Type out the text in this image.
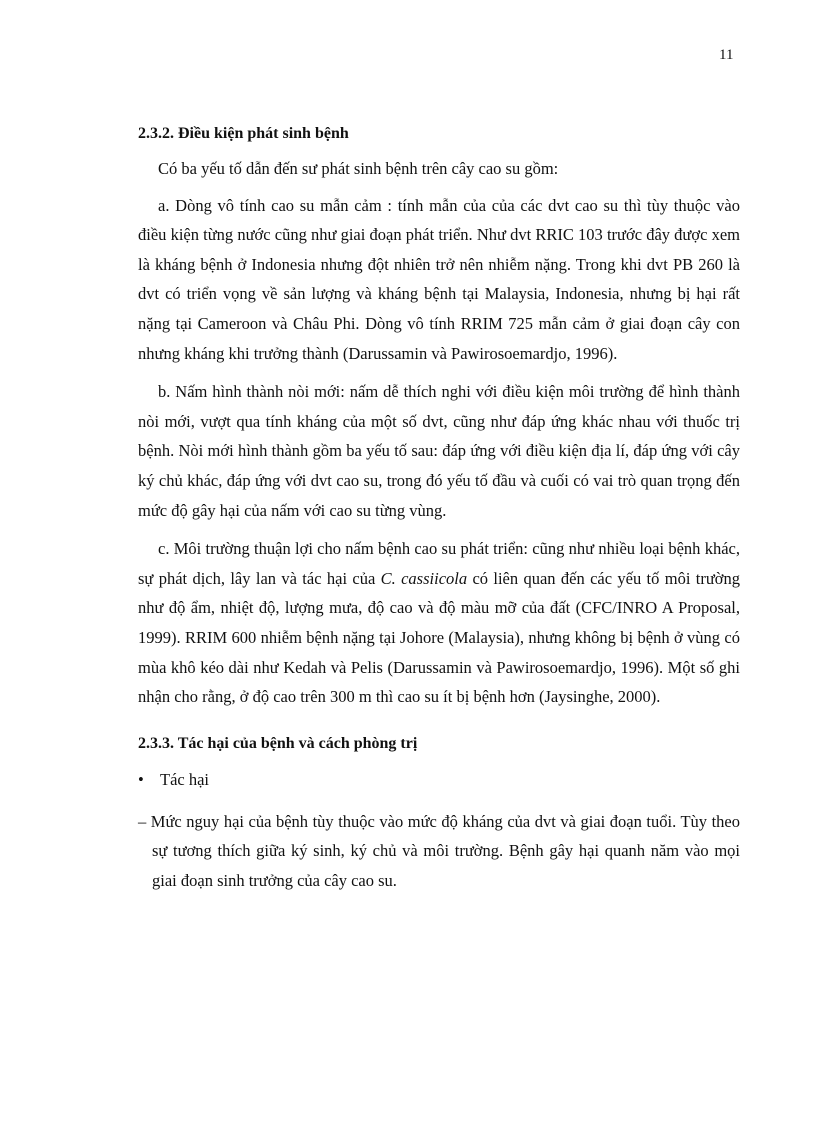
11

2.3.2. Điều kiện phát sinh bệnh

Có ba yếu tố dẫn đến sư phát sinh bệnh trên cây cao su gồm:

a. Dòng vô tính cao su mẫn cảm : tính mẫn của của các dvt cao su thì tùy thuộc vào điều kiện từng nước cũng như giai đoạn phát triển. Như dvt RRIC 103 trước đây được xem là kháng bệnh ở Indonesia nhưng đột nhiên trở nên nhiễm nặng. Trong khi dvt PB 260 là dvt có triển vọng về sản lượng và kháng bệnh tại Malaysia, Indonesia, nhưng bị hại rất nặng tại Cameroon và Châu Phi. Dòng vô tính RRIM 725 mẫn cảm ở giai đoạn cây con nhưng kháng khi trưởng thành (Darussamin và Pawirosoemardjo, 1996).

b. Nấm hình thành nòi mới: nấm dễ thích nghi với điều kiện môi trường để hình thành nòi mới, vượt qua tính kháng của một số dvt, cũng như đáp ứng khác nhau với thuốc trị bệnh. Nòi mới hình thành gồm ba yếu tố sau: đáp ứng với điều kiện địa lí, đáp ứng với cây ký chủ khác, đáp ứng với dvt cao su, trong đó yếu tố đầu và cuối có vai trò quan trọng đến mức độ gây hại của nấm với cao su từng vùng.

c. Môi trường thuận lợi cho nấm bệnh cao su phát triển: cũng như nhiều loại bệnh khác, sự phát dịch, lây lan và tác hại của C. cassiicola có liên quan đến các yếu tố môi trường như độ ẩm, nhiệt độ, lượng mưa, độ cao và độ màu mỡ của đất (CFC/INRO A Proposal, 1999). RRIM 600 nhiễm bệnh nặng tại Johore (Malaysia), nhưng không bị bệnh ở vùng có mùa khô kéo dài như Kedah và Pelis (Darussamin và Pawirosoemardjo, 1996). Một số ghi nhận cho rằng, ở độ cao trên 300 m thì cao su ít bị bệnh hơn (Jaysinghe, 2000).

2.3.3. Tác hại của bệnh và cách phòng trị

• Tác hại
– Mức nguy hại của bệnh tùy thuộc vào mức độ kháng của dvt và giai đoạn tuổi. Tùy theo sự tương thích giữa ký sinh, ký chủ và môi trường. Bệnh gây hại quanh năm vào mọi giai đoạn sinh trưởng của cây cao su.
